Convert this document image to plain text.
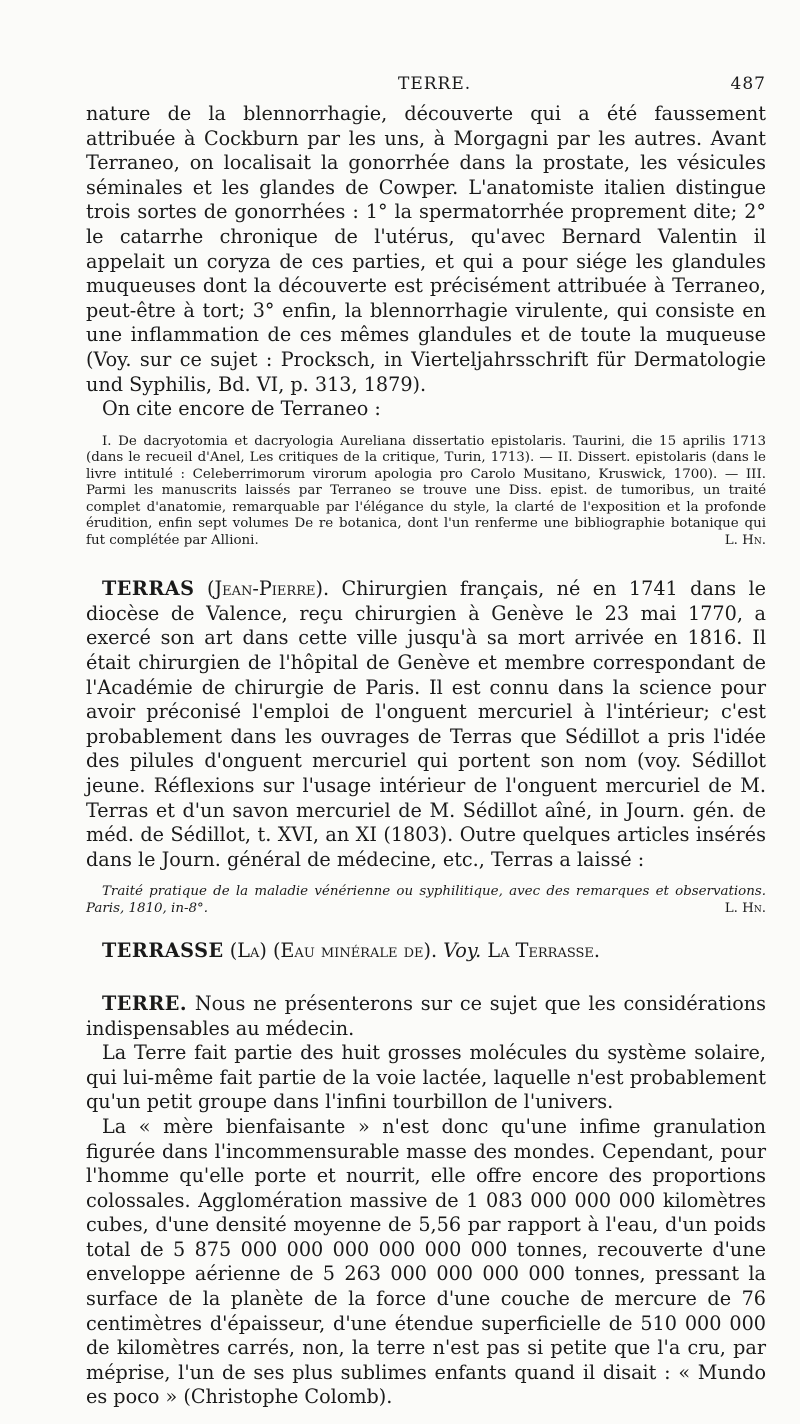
TERRE.	487

nature de la blennorrhagie, découverte qui a été faussement attribuée à Cockburn par les uns, à Morgagni par les autres. Avant Terraneo, on localisait la gonorrhée dans la prostate, les vésicules séminales et les glandes de Cowper. L'anatomiste italien distingue trois sortes de gonorrhées : 1° la spermatorrhée proprement dite; 2° le catarrhe chronique de l'utérus, qu'avec Bernard Valentin il appelait un coryza de ces parties, et qui a pour siége les glandules muqueuses dont la découverte est précisément attribuée à Terraneo, peut-être à tort; 3° enfin, la blennorrhagie virulente, qui consiste en une inflammation de ces mêmes glandules et de toute la muqueuse (Voy. sur ce sujet : Procksch, in Vierteljahrsschrift für Dermatologie und Syphilis, Bd. VI, p. 313, 1879).

On cite encore de Terraneo :

I. De dacryotomia et dacryologia Aureliana dissertatio epistolaris. Taurini, die 15 aprilis 1713 (dans le recueil d'Anel, Les critiques de la critique, Turin, 1713). — II. Dissert. epistolaris (dans le livre intitulé : Celeberrimorum virorum apologia pro Carolo Musitano, Kruswick, 1700). — III. Parmi les manuscrits laissés par Terraneo se trouve une Diss. epist. de tumoribus, un traité complet d'anatomie, remarquable par l'élégance du style, la clarté de l'exposition et la profonde érudition, enfin sept volumes De re botanica, dont l'un renferme une bibliographie botanique qui fut complétée par Allioni.	L. Hn.

TERRAS (Jean-Pierre). Chirurgien français, né en 1741 dans le diocèse de Valence, reçu chirurgien à Genève le 23 mai 1770, a exercé son art dans cette ville jusqu'à sa mort arrivée en 1816. Il était chirurgien de l'hôpital de Genève et membre correspondant de l'Académie de chirurgie de Paris. Il est connu dans la science pour avoir préconisé l'emploi de l'onguent mercuriel à l'intérieur; c'est probablement dans les ouvrages de Terras que Sédillot a pris l'idée des pilules d'onguent mercuriel qui portent son nom (voy. Sédillot jeune. Réflexions sur l'usage intérieur de l'onguent mercuriel de M. Terras et d'un savon mercuriel de M. Sédillot aîné, in Journ. gén. de méd. de Sédillot, t. XVI, an XI (1803). Outre quelques articles insérés dans le Journ. général de médecine, etc., Terras a laissé :

Traité pratique de la maladie vénérienne ou syphilitique, avec des remarques et observations. Paris, 1810, in-8°.	L. Hn.

TERRASSE (La) (Eau minérale de). Voy. La Terrasse.

TERRE. Nous ne présenterons sur ce sujet que les considérations indispensables au médecin.

La Terre fait partie des huit grosses molécules du système solaire, qui lui-même fait partie de la voie lactée, laquelle n'est probablement qu'un petit groupe dans l'infini tourbillon de l'univers.

La « mère bienfaisante » n'est donc qu'une infime granulation figurée dans l'incommensurable masse des mondes. Cependant, pour l'homme qu'elle porte et nourrit, elle offre encore des proportions colossales. Agglomération massive de 1 083 000 000 000 kilomètres cubes, d'une densité moyenne de 5,56 par rapport à l'eau, d'un poids total de 5 875 000 000 000 000 000 000 tonnes, recouverte d'une enveloppe aérienne de 5 263 000 000 000 000 tonnes, pressant la surface de la planète de la force d'une couche de mercure de 76 centimètres d'épaisseur, d'une étendue superficielle de 510 000 000 de kilomètres carrés, non, la terre n'est pas si petite que l'a cru, par méprise, l'un de ses plus sublimes enfants quand il disait : « Mundo es poco » (Christophe Colomb).
